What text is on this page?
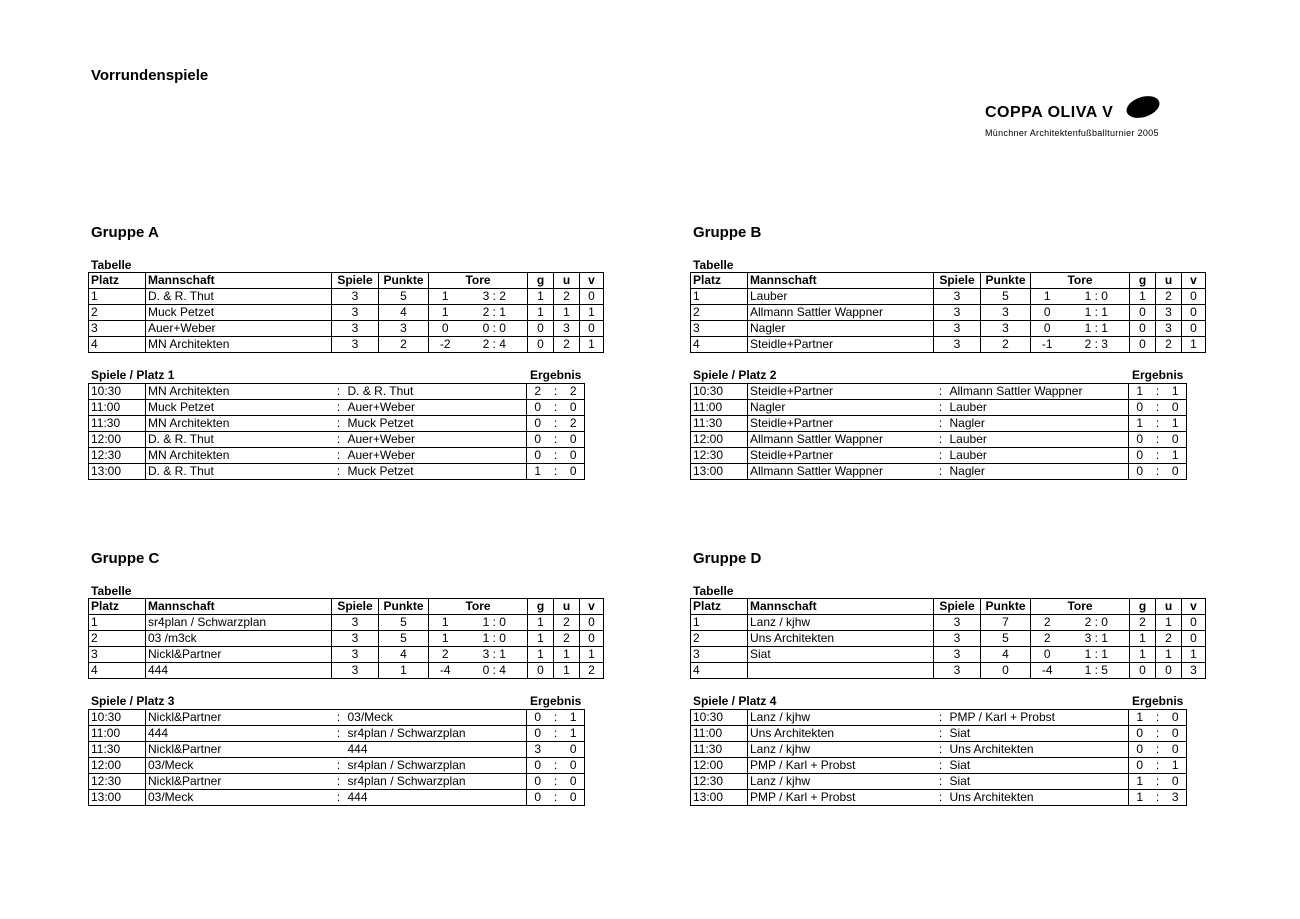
Vorrundenspiele
COPPA OLIVA V
Münchner Architektenfußballturnier 2005
Gruppe A
Tabelle
Platz	Mannschaft	Spiele	Punkte	Tore		g	u	v
1	D. & R. Thut	3	5	1	3 : 2	1	2	0
2	Muck Petzet	3	4	1	2 : 1	1	1	1
3	Auer+Weber	3	3	0	0 : 0	0	3	0
4	MN Architekten	3	2	-2	2 : 4	0	2	1
Spiele / Platz 1	Ergebnis
10:30	MN Architekten	:	D. & R. Thut	2	:	2
11:00	Muck Petzet	:	Auer+Weber	0	:	0
11:30	MN Architekten	:	Muck Petzet	0	:	2
12:00	D. & R. Thut	:	Auer+Weber	0	:	0
12:30	MN Architekten	:	Auer+Weber	0	:	0
13:00	D. & R. Thut	:	Muck Petzet	1	:	0
Gruppe B
Tabelle
Platz	Mannschaft	Spiele	Punkte	Tore		g	u	v
1	Lauber	3	5	1	1 : 0	1	2	0
2	Allmann Sattler Wappner	3	3	0	1 : 1	0	3	0
3	Nagler	3	3	0	1 : 1	0	3	0
4	Steidle+Partner	3	2	-1	2 : 3	0	2	1
Spiele / Platz 2	Ergebnis
10:30	Steidle+Partner	:	Allmann Sattler Wappner	1	:	1
11:00	Nagler	:	Lauber	0	:	0
11:30	Steidle+Partner	:	Nagler	1	:	1
12:00	Allmann Sattler Wappner	:	Lauber	0	:	0
12:30	Steidle+Partner	:	Lauber	0	:	1
13:00	Allmann Sattler Wappner	:	Nagler	0	:	0
Gruppe C
Tabelle
Platz	Mannschaft	Spiele	Punkte	Tore		g	u	v
1	sr4plan / Schwarzplan	3	5	1	1 : 0	1	2	0
2	03 /m3ck	3	5	1	1 : 0	1	2	0
3	Nickl&Partner	3	4	2	3 : 1	1	1	1
4	444	3	1	-4	0 : 4	0	1	2
Spiele / Platz 3	Ergebnis
10:30	Nickl&Partner	:	03/Meck	0	:	1
11:00	444	:	sr4plan / Schwarzplan	0	:	1
11:30	Nickl&Partner		444	3		0
12:00	03/Meck	:	sr4plan / Schwarzplan	0	:	0
12:30	Nickl&Partner	:	sr4plan / Schwarzplan	0	:	0
13:00	03/Meck	:	444	0	:	0
Gruppe D
Tabelle
Platz	Mannschaft	Spiele	Punkte	Tore		g	u	v
1	Lanz / kjhw	3	7	2	2 : 0	2	1	0
2	Uns Architekten	3	5	2	3 : 1	1	2	0
3	Siat	3	4	0	1 : 1	1	1	1
4		3	0	-4	1 : 5	0	0	3
Spiele / Platz 4	Ergebnis
10:30	Lanz / kjhw	:	PMP / Karl + Probst	1	:	0
11:00	Uns Architekten	:	Siat	0	:	0
11:30	Lanz / kjhw	:	Uns Architekten	0	:	0
12:00	PMP / Karl + Probst	:	Siat	0	:	1
12:30	Lanz / kjhw	:	Siat	1	:	0
13:00	PMP / Karl + Probst	:	Uns Architekten	1	:	3
